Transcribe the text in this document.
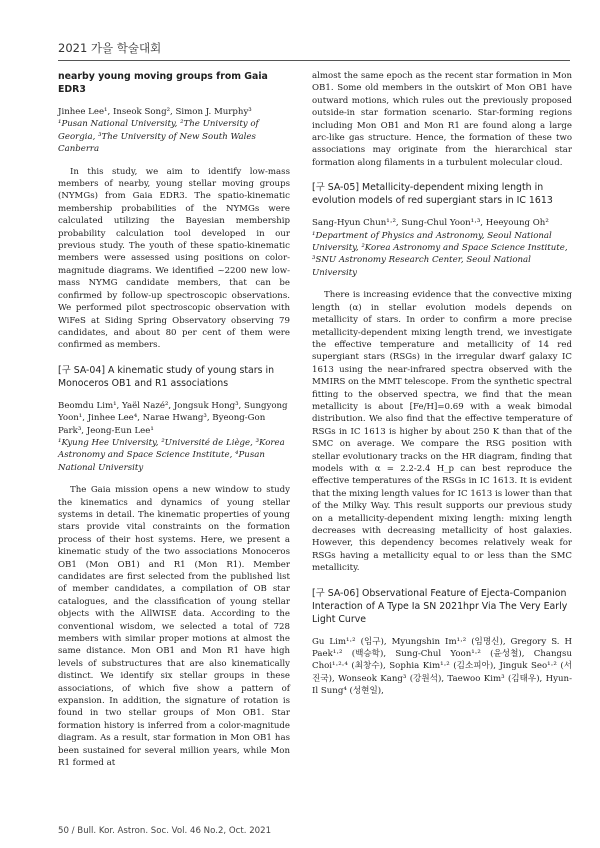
2021 가을 학술대회

nearby young moving groups from Gaia EDR3

Jinhee Lee¹, Inseok Song², Simon J. Murphy³

¹Pusan National University, ²The University of Georgia, ³The University of New South Wales Canberra

In this study, we aim to identify low-mass members of nearby, young stellar moving groups (NYMGs) from Gaia EDR3. The spatio-kinematic membership probabilities of the NYMGs were calculated utilizing the Bayesian membership probability calculation tool developed in our previous study. The youth of these spatio-kinematic members were assessed using positions on color-magnitude diagrams. We identified ~2200 new low-mass NYMG candidate members, that can be confirmed by follow-up spectroscopic observations. We performed pilot spectroscopic observation with WiFeS at Siding Spring Observatory observing 79 candidates, and about 80 per cent of them were confirmed as members.

[구 SA-04] A kinematic study of young stars in Monoceros OB1 and R1 associations

Beomdu Lim¹, Yaël Nazé², Jongsuk Hong³, Sungyong Yoon¹, Jinhee Lee⁴, Narae Hwang³, Byeong-Gon Park³, Jeong-Eun Lee¹

¹Kyung Hee University, ²Université de Liège, ³Korea Astronomy and Space Science Institute, ⁴Pusan National University

The Gaia mission opens a new window to study the kinematics and dynamics of young stellar systems in detail. The kinematic properties of young stars provide vital constraints on the formation process of their host systems. Here, we present a kinematic study of the two associations Monoceros OB1 (Mon OB1) and R1 (Mon R1). Member candidates are first selected from the published list of member candidates, a compilation of OB star catalogues, and the classification of young stellar objects with the AllWISE data. According to the conventional wisdom, we selected a total of 728 members with similar proper motions at almost the same distance. Mon OB1 and Mon R1 have high levels of substructures that are also kinematically distinct. We identify six stellar groups in these associations, of which five show a pattern of expansion. In addition, the signature of rotation is found in two stellar groups of Mon OB1. Star formation history is inferred from a color-magnitude diagram. As a result, star formation in Mon OB1 has been sustained for several million years, while Mon R1 formed at

almost the same epoch as the recent star formation in Mon OB1. Some old members in the outskirt of Mon OB1 have outward motions, which rules out the previously proposed outside-in star formation scenario. Star-forming regions including Mon OB1 and Mon R1 are found along a large arc-like gas structure. Hence, the formation of these two associations may originate from the hierarchical star formation along filaments in a turbulent molecular cloud.

[구 SA-05] Metallicity-dependent mixing length in evolution models of red supergiant stars in IC 1613

Sang-Hyun Chun¹·², Sung-Chul Yoon¹·³, Heeyoung Oh²

¹Department of Physics and Astronomy, Seoul National University, ²Korea Astronomy and Space Science Institute, ³SNU Astronomy Research Center, Seoul National University

There is increasing evidence that the convective mixing length (α) in stellar evolution models depends on metallicity of stars. In order to confirm a more precise metallicity-dependent mixing length trend, we investigate the effective temperature and metallicity of 14 red supergiant stars (RSGs) in the irregular dwarf galaxy IC 1613 using the near-infrared spectra observed with the MMIRS on the MMT telescope. From the synthetic spectral fitting to the observed spectra, we find that the mean metallicity is about [Fe/H]=0.69 with a weak bimodal distribution. We also find that the effective temperature of RSGs in IC 1613 is higher by about 250 K than that of the SMC on average. We compare the RSG position with stellar evolutionary tracks on the HR diagram, finding that models with α = 2.2-2.4 H_p can best reproduce the effective temperatures of the RSGs in IC 1613. It is evident that the mixing length values for IC 1613 is lower than that of the Milky Way. This result supports our previous study on a metallicity-dependent mixing length: mixing length decreases with decreasing metallicity of host galaxies. However, this dependency becomes relatively weak for RSGs having a metallicity equal to or less than the SMC metallicity.

[구 SA-06] Observational Feature of Ejecta-Companion Interaction of A Type Ia SN 2021hpr Via The Very Early Light Curve

Gu Lim¹·² (임구), Myungshin Im¹·² (임명신), Gregory S. H Paek¹·² (백승학), Sung-Chul Yoon¹·² (윤성철), Changsu Choi¹·²·⁴ (최창수), Sophia Kim¹·² (김소피아), Jinguk Seo¹·² (서진국), Wonseok Kang³ (강원석), Taewoo Kim³ (김태우), Hyun-Il Sung⁴ (성현일),

50 / Bull. Kor. Astron. Soc. Vol. 46 No.2, Oct. 2021
